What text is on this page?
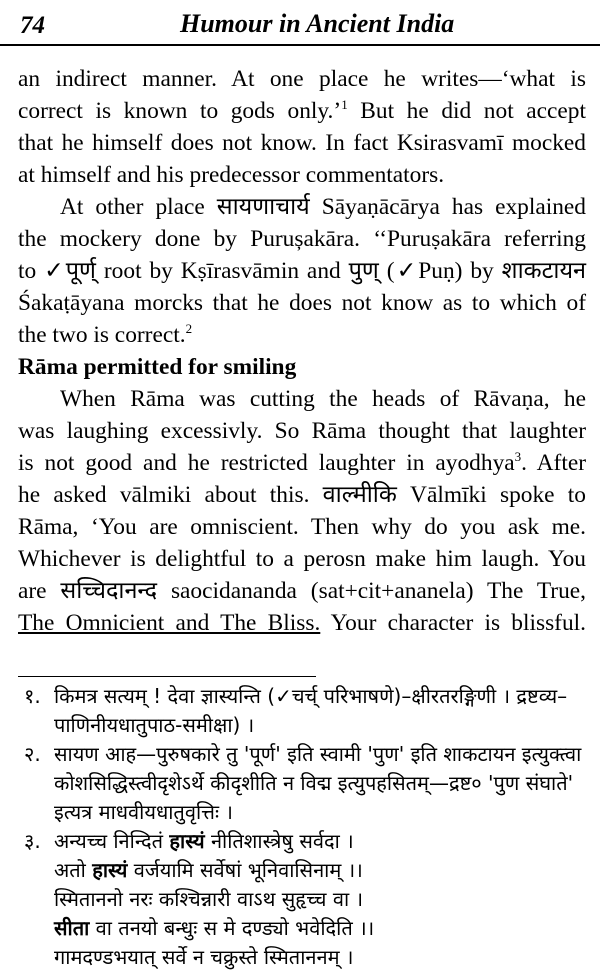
74	Humour in Ancient India
an indirect manner. At one place he writes—‘what is
correct is known to gods only.’$^1$ But he did not accept
that he himself does not know. In fact Ksirasvamī mocked
at himself and his predecessor commentators.
At other place सायणाचार्य Sāyaṇācārya has explained
the mockery done by Purușakāra. ‘‘Puruṣakāra referring
to ✓पूर्ण् root by Kṣīrasvāmin and पुण् (✓Puṇ) by शाकटायन
Śakaṭāyana morcks that he does not know as to which of
the two is correct.$^2$
Rāma permitted for smiling
When Rāma was cutting the heads of Rāvaṇa, he
was laughing excessivly. So Rāma thought that laughter
is not good and he restricted laughter in ayodhya$^3$. After
he asked vālmiki about this. वाल्मीकि Vālmīki spoke to
Rāma, ‘You are omniscient. Then why do you ask me.
Whichever is delightful to a perosn make him laugh. You
are सच्चिदानन्द saocidananda (sat+cit+ananela) The True,
The Omnicient and The Bliss. Your character is blissful.
१. किमत्र सत्यम् ! देवा ज्ञास्यन्ति (✓चर्च् परिभाषणे)–क्षीरतरङ्गिणी । द्रष्टव्य–
पाणिनीयधातुपाठ-समीक्षा) ।
२. सायण आह—पुरुषकारे तु 'पूर्ण' इति स्वामी 'पुण' इति शाकटायन इत्युक्त्वा
कोशसिद्धिस्त्वीदृशेऽर्थे कीदृशीति न विद्म इत्युपहसितम्—द्रष्ट० 'पुण संघाते'
इत्यत्र माधवीयधातुवृत्तिः ।
३. अन्यच्च निन्दितं हास्यं नीतिशास्त्रेषु सर्वदा ।
अतो हास्यं वर्जयामि सर्वेषां भूनिवासिनाम् ।।
स्मिताननो नरः कश्चिन्नारी वाऽथ सुहृच्च वा ।
सीता वा तनयो बन्धुः स मे दण्ड्यो भवेदिति ।।
गामदण्डभयात् सर्वे न चक्रुस्ते स्मिताननम् ।
